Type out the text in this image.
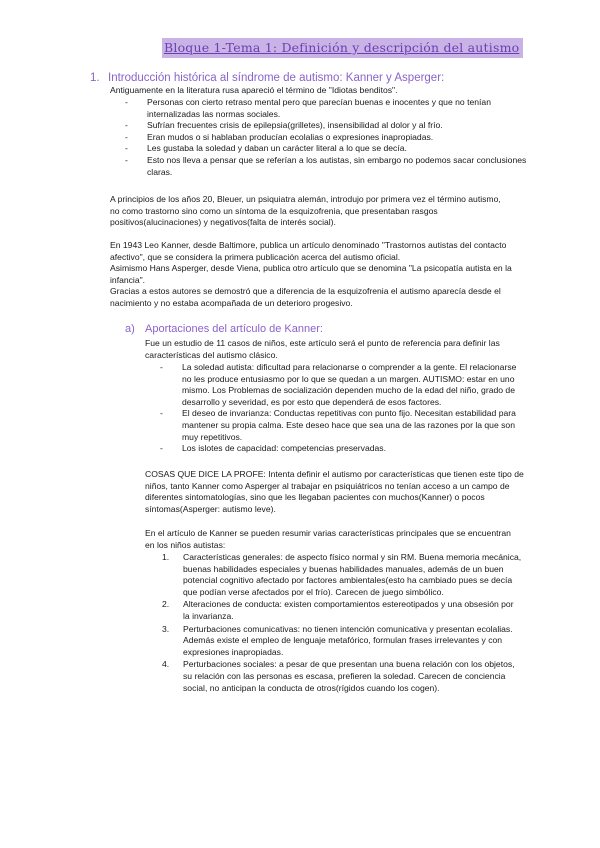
Bloque 1-Tema 1: Definición y descripción del autismo
1. Introducción histórica al síndrome de autismo: Kanner y Asperger:
Antiguamente en la literatura rusa apareció el término de "Idiotas benditos".
- Personas con cierto retraso mental pero que parecían buenas e inocentes y que no tenían internalizadas las normas sociales.
- Sufrían frecuentes crisis de epilepsia(grilletes), insensibilidad al dolor y al frío.
- Eran mudos o si hablaban producían ecolalias o expresiones inapropiadas.
- Les gustaba la soledad y daban un carácter literal a lo que se decía.
- Esto nos lleva a pensar que se referían a los autistas, sin embargo no podemos sacar conclusiones claras.
A principios de los años 20, Bleuer, un psiquiatra alemán, introdujo por primera vez el término autismo, no como trastorno sino como un síntoma de la esquizofrenia, que presentaban rasgos positivos(alucinaciones) y negativos(falta de interés social).
En 1943 Leo Kanner, desde Baltimore, publica un artículo denominado "Trastornos autistas del contacto afectivo", que se considera la primera publicación acerca del autismo oficial.
Asimismo Hans Asperger, desde Viena, publica otro artículo que se denomina "La psicopatía autista en la infancia".
Gracias a estos autores se demostró que a diferencia de la esquizofrenia el autismo aparecía desde el nacimiento y no estaba acompañada de un deterioro progesivo.
a) Aportaciones del artículo de Kanner:
Fue un estudio de 11 casos de niños, este artículo será el punto de referencia para definir las características del autismo clásico.
- La soledad autista: dificultad para relacionarse o comprender a la gente. El relacionarse no les produce entusiasmo por lo que se quedan a un margen. AUTISMO: estar en uno mismo. Los Problemas de socialización dependen mucho de la edad del niño, grado de desarrollo y severidad, es por esto que dependerá de esos factores.
- El deseo de invarianza: Conductas repetitivas con punto fijo. Necesitan estabilidad para mantener su propia calma. Este deseo hace que sea una de las razones por la que son muy repetitivos.
- Los islotes de capacidad: competencias preservadas.
COSAS QUE DICE LA PROFE: Intenta definir el autismo por características que tienen este tipo de niños, tanto Kanner como Asperger al trabajar en psiquiátricos no tenían acceso a un campo de diferentes sintomatologías, sino que les llegaban pacientes con muchos(Kanner) o pocos síntomas(Asperger: autismo leve).
En el artículo de Kanner se pueden resumir varias características principales que se encuentran en los niños autistas:
1. Características generales: de aspecto físico normal y sin RM. Buena memoria mecánica, buenas habilidades especiales y buenas habilidades manuales, además de un buen potencial cognitivo afectado por factores ambientales(esto ha cambiado pues se decía que podían verse afectados por el frío). Carecen de juego simbólico.
2. Alteraciones de conducta: existen comportamientos estereotipados y una obsesión por la invarianza.
3. Perturbaciones comunicativas: no tienen intención comunicativa y presentan ecolalias. Además existe el empleo de lenguaje metafórico, formulan frases irrelevantes y con expresiones inapropiadas.
4. Perturbaciones sociales: a pesar de que presentan una buena relación con los objetos, su relación con las personas es escasa, prefieren la soledad. Carecen de conciencia social, no anticipan la conducta de otros(rígidos cuando los cogen).
